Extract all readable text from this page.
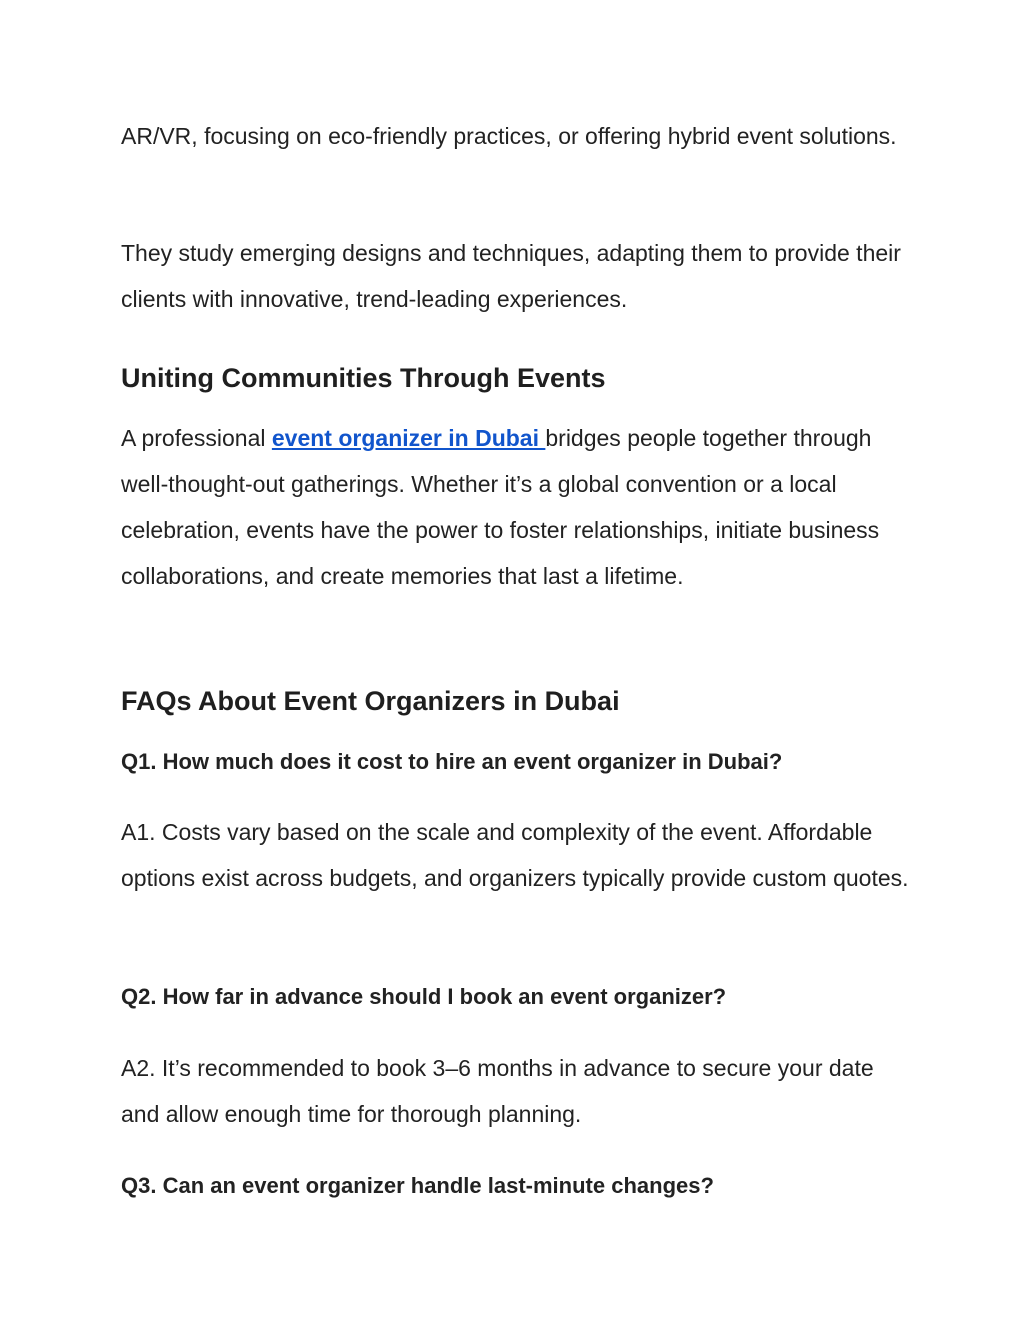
AR/VR, focusing on eco-friendly practices, or offering hybrid event solutions.

They study emerging designs and techniques, adapting them to provide their clients with innovative, trend-leading experiences.

Uniting Communities Through Events

A professional event organizer in Dubai bridges people together through well-thought-out gatherings. Whether it’s a global convention or a local celebration, events have the power to foster relationships, initiate business collaborations, and create memories that last a lifetime.

FAQs About Event Organizers in Dubai

Q1. How much does it cost to hire an event organizer in Dubai?

A1. Costs vary based on the scale and complexity of the event. Affordable options exist across budgets, and organizers typically provide custom quotes.

Q2. How far in advance should I book an event organizer?

A2. It’s recommended to book 3–6 months in advance to secure your date and allow enough time for thorough planning.

Q3. Can an event organizer handle last-minute changes?
